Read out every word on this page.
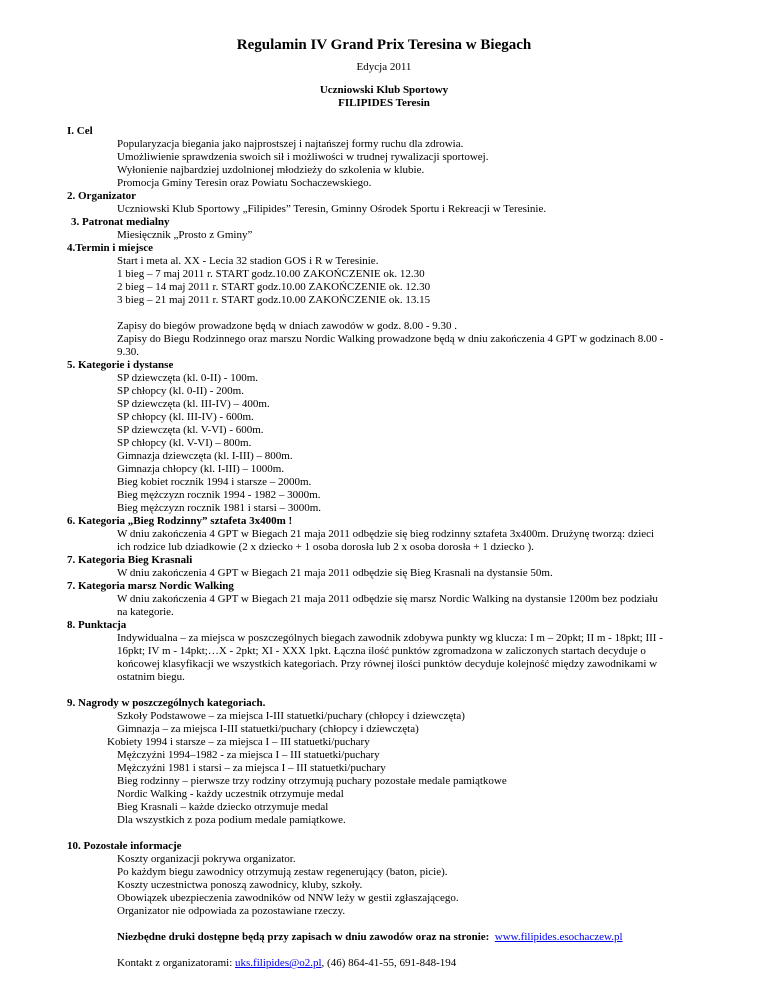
Regulamin IV Grand Prix Teresina w Biegach
Edycja 2011
Uczniowski Klub Sportowy
FILIPIDES Teresin
I. Cel
Popularyzacja biegania jako najprostszej i najtańszej formy ruchu dla zdrowia.
Umożliwienie sprawdzenia swoich sił i możliwości w trudnej rywalizacji sportowej.
Wyłonienie najbardziej uzdolnionej młodzieży do szkolenia w klubie.
Promocja Gminy Teresin oraz Powiatu Sochaczewskiego.
2. Organizator
Uczniowski Klub Sportowy „Filipides” Teresin, Gminny Ośrodek Sportu i Rekreacji w Teresinie.
3. Patronat medialny
Miesięcznik „Prosto z Gminy”
4.Termin i miejsce
Start i meta al. XX - Lecia 32 stadion GOS i R w Teresinie.
1 bieg – 7 maj 2011 r. START godz.10.00 ZAKOŃCZENIE ok. 12.30
2 bieg – 14 maj 2011 r. START godz.10.00 ZAKOŃCZENIE ok. 12.30
3 bieg – 21 maj 2011 r. START godz.10.00 ZAKOŃCZENIE ok. 13.15
Zapisy do biegów prowadzone będą w dniach zawodów w godz. 8.00 - 9.30 .
Zapisy do Biegu Rodzinnego oraz marszu Nordic Walking prowadzone będą w dniu zakończenia 4 GPT w godzinach 8.00 -
9.30.
5. Kategorie i dystanse
SP dziewczęta (kl. 0-II) - 100m.
SP chłopcy (kl. 0-II) - 200m.
SP dziewczęta (kl. III-IV) – 400m.
SP chłopcy (kl. III-IV) - 600m.
SP dziewczęta (kl. V-VI) - 600m.
SP chłopcy (kl. V-VI) – 800m.
Gimnazja dziewczęta (kl. I-III) – 800m.
Gimnazja chłopcy (kl. I-III) – 1000m.
Bieg kobiet rocznik 1994 i starsze – 2000m.
Bieg mężczyzn rocznik 1994 - 1982 – 3000m.
Bieg mężczyzn rocznik 1981 i starsi – 3000m.
6. Kategoria „Bieg Rodzinny” sztafeta 3x400m !
W dniu zakończenia 4 GPT w Biegach 21 maja 2011 odbędzie się bieg rodzinny sztafeta 3x400m. Drużynę tworzą: dzieci
ich rodzice lub dziadkowie (2 x dziecko + 1 osoba dorosła lub 2 x osoba dorosła + 1 dziecko ).
7. Kategoria Bieg Krasnali
W dniu zakończenia 4 GPT w Biegach 21 maja 2011 odbędzie się Bieg Krasnali na dystansie 50m.
7. Kategoria marsz Nordic Walking
W dniu zakończenia 4 GPT w Biegach 21 maja 2011 odbędzie się marsz Nordic Walking na dystansie 1200m bez podziału
na kategorie.
8. Punktacja
Indywidualna – za miejsca w poszczególnych biegach zawodnik zdobywa punkty wg klucza: I m – 20pkt; II m - 18pkt; III -
16pkt; IV m - 14pkt;…X - 2pkt; XI - XXX 1pkt. Łączna ilość punktów zgromadzona w zaliczonych startach decyduje o
końcowej klasyfikacji we wszystkich kategoriach. Przy równej ilości punktów decyduje kolejność między zawodnikami w
ostatnim biegu.
9. Nagrody w poszczególnych kategoriach.
Szkoły Podstawowe – za miejsca I-III statuetki/puchary (chłopcy i dziewczęta)
Gimnazja – za miejsca I-III statuetki/puchary (chłopcy i dziewczęta)
Kobiety 1994 i starsze – za miejsca I – III statuetki/puchary
Mężczyźni 1994–1982 - za miejsca I – III statuetki/puchary
Mężczyźni 1981 i starsi – za miejsca I – III statuetki/puchary
Bieg rodzinny – pierwsze trzy rodziny otrzymują puchary pozostałe medale pamiątkowe
Nordic Walking - każdy uczestnik otrzymuje medal
Bieg Krasnali – każde dziecko otrzymuje medal
Dla wszystkich z poza podium medale pamiątkowe.
10. Pozostałe informacje
Koszty organizacji pokrywa organizator.
Po każdym biegu zawodnicy otrzymują zestaw regenerujący (baton, picie).
Koszty uczestnictwa ponoszą zawodnicy, kluby, szkoły.
Obowiązek ubezpieczenia zawodników od NNW leży w gestii zgłaszającego.
Organizator nie odpowiada za pozostawiane rzeczy.
Niezbędne druki dostępne będą przy zapisach w dniu zawodów oraz na stronie: www.filipides.esochaczew.pl
Kontakt z organizatorami: uks.filipides@o2.pl, (46) 864-41-55, 691-848-194
